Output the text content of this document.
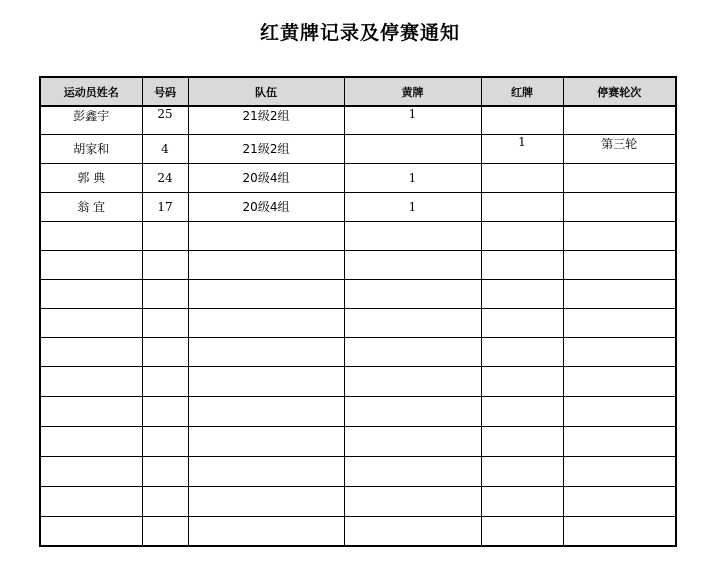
红黄牌记录及停赛通知
运动员姓名	号码	队伍	黄牌	红牌	停赛轮次
彭鑫宇	25	21级2组	1		
胡家和	4	21级2组		1	第三轮
郭 典	24	20级4组	1		
翁 宜	17	20级4组	1		
